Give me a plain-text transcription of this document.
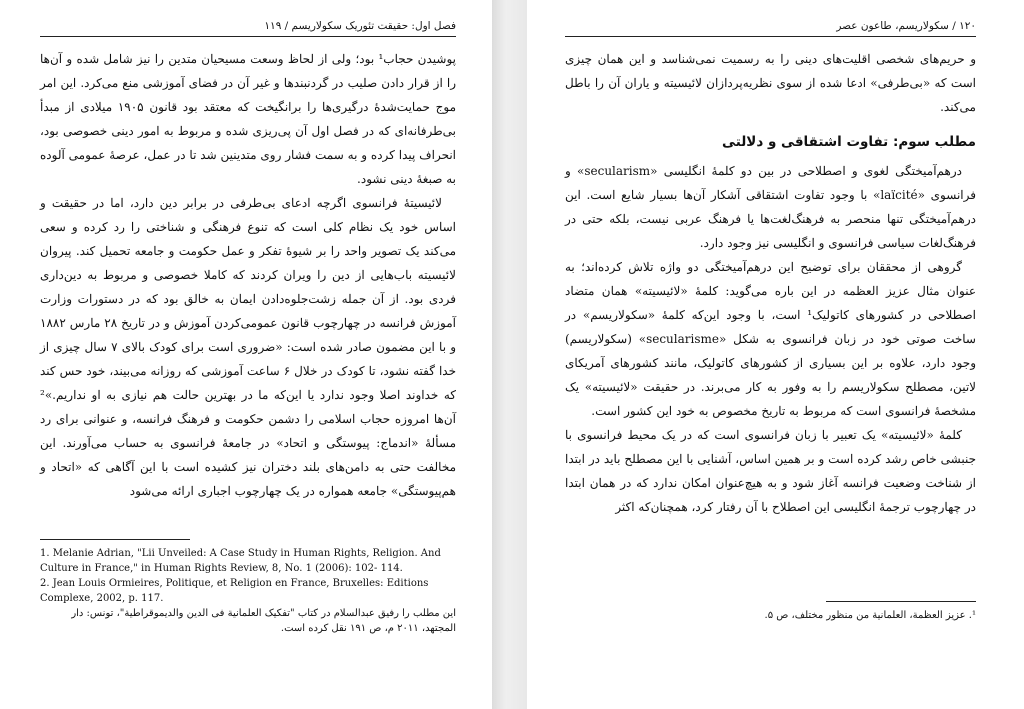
فصل اول: حقیقت تئوریک سکولاریسم / ۱۱۹

پوشیدن حجاب¹ بود؛ ولی از لحاظ وسعت مسیحیان متدین را نیز شامل شده و آن‌ها را از قرار دادن صلیب در گردنبندها و غیر آن در فضای آموزشی منع می‌کرد. این امر موج حمایت‌شدهٔ درگیری‌ها را برانگیخت که معتقد بود قانون ۱۹۰۵ میلادی از مبدأ بی‌طرفانه‌ای که در فصل اول آن پی‌ریزی شده و مربوط به امور دینی خصوصی بود، انحراف پیدا کرده و به سمت فشار روی متدینین شد تا در عمل، عرصهٔ عمومی آلوده به صبغهٔ دینی نشود.

لائیسیتهٔ فرانسوی اگرچه ادعای بی‌طرفی در برابر دین دارد، اما در حقیقت و اساس خود یک نظام کلی است که تنوع فرهنگی و شناختی را رد کرده و سعی می‌کند یک تصویر واحد را بر شیوهٔ تفکر و عمل حکومت و جامعه تحمیل کند. پیروان لائیسیته باب‌هایی از دین را ویران کردند که کاملا خصوصی و مربوط به دین‌داری فردی بود. از آن جمله زشت‌جلوه‌دادن ایمان به خالق بود که در دستورات وزارت آموزش فرانسه در چهارچوب قانون عمومی‌کردن آموزش و در تاریخ ۲۸ مارس ۱۸۸۲ و با این مضمون صادر شده است: «ضروری است برای کودک بالای ۷ سال چیزی از خدا گفته نشود، تا کودک در خلال ۶ ساعت آموزشی که روزانه می‌بیند، خود حس کند که خداوند اصلا وجود ندارد یا این‌که ما در بهترین حالت هم نیازی به او نداریم.»² آن‌ها امروزه حجاب اسلامی را دشمن حکومت و فرهنگ فرانسه، و عنوانی برای رد مسألهٔ «اندماج: پیوستگی و اتحاد» در جامعهٔ فرانسوی به حساب می‌آورند. این مخالفت حتی به دامن‌های بلند دختران نیز کشیده است با این آگاهی که «اتحاد و هم‌پیوستگی» جامعه همواره در یک چهارچوب اجباری ارائه می‌شود

1. Melanie Adrian, "Lii Unveiled: A Case Study in Human Rights, Religion. And Culture in France," in Human Rights Review, 8, No. 1 (2006): 102- 114.

2. Jean Louis Ormieires, Politique, et Religion en France, Bruxelles: Editions Complexe, 2002, p. 117.

این مطلب را رفیق عبدالسلام در کتاب "تفکیک العلمانیة فی الدین والدیموقراطیة"، تونس: دار المجتهد، ۲۰۱۱ م، ص ۱۹۱ نقل کرده است.

۱۲۰ / سکولاریسم، طاعون عصر

و حریم‌های شخصی اقلیت‌های دینی را به رسمیت نمی‌شناسد و این همان چیزی است که «بی‌طرفی» ادعا شده از سوی نظریه‌پردازان لائیسیته و یاران آن را باطل می‌کند.

مطلب سوم: تفاوت اشتقاقی و دلالتی

درهم‌آمیختگی لغوی و اصطلاحی در بین دو کلمهٔ انگلیسی «secularism» و فرانسوی «laïcité» با وجود تفاوت اشتقاقی آشکار آن‌ها بسیار شایع است. این درهم‌آمیختگی تنها منحصر به فرهنگ‌لغت‌ها یا فرهنگ عربی نیست، بلکه حتی در فرهنگ‌لغات سیاسی فرانسوی و انگلیسی نیز وجود دارد.

گروهی از محققان برای توضیح این درهم‌آمیختگی دو واژه تلاش کرده‌اند؛ به عنوان مثال عزیز العظمه در این باره می‌گوید: کلمهٔ «لائیسیته» همان متضاد اصطلاحی در کشورهای کاتولیک¹ است، با وجود این‌که کلمهٔ «سکولاریسم» در ساخت صوتی خود در زبان فرانسوی به شکل «secularisme» (سکولاریسم) وجود دارد، علاوه بر این بسیاری از کشورهای کاتولیک، مانند کشورهای آمریکای لاتین، مصطلح سکولاریسم را به وفور به کار می‌برند. در حقیقت «لائیسیته» یک مشخصهٔ فرانسوی است که مربوط به تاریخ مخصوص به خود این کشور است.

کلمهٔ «لائیسیته» یک تعبیر با زبان فرانسوی است که در یک محیط فرانسوی با جنبشی خاص رشد کرده است و بر همین اساس، آشنایی با این مصطلح باید در ابتدا از شناخت وضعیت فرانسه آغاز شود و به هیچ‌عنوان امکان ندارد که در همان ابتدا در چهارچوب ترجمهٔ انگلیسی این اصطلاح با آن رفتار کرد، همچنان‌که اکثر

¹. عزیز العظمة، العلمانیة من منظور مختلف، ص ۵.
